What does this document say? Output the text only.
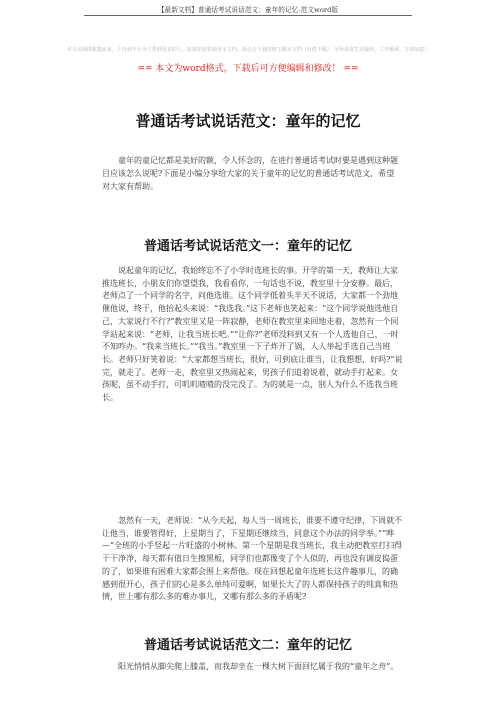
【最新文档】普通话考试说话范文：童年的记忆-范文word版
本文从网络收集而来，上传到平台为了帮到更多的人，如果您需要使用本文档，请点击下载按钮下载本文档（有偿下载），另外祝您生活愉快，工作顺利，万事如意！
== 本文为word格式，下载后可方便编辑和修改！ ==
普通话考试说话范文：童年的记忆
童年的童记忆都是美好的额，令人怀念的，在进行普通话考试时要是遇到这种题目应该怎么说呢?下面是小编分享给大家的关于童年的记忆的普通话考试范文，希望对大家有帮助。
普通话考试说话范文一：童年的记忆
说起童年的记忆，我始终忘不了小学时选班长的事。开学的第一天，教师让大家推选班长，小朋友们你望望我，我看看你，一句话也不说，教室里十分安静。最后，老师点了一个同学的名字，问他选谁。这个同学低着头半天不说话，大家都一个劲地催他说，终于，他抬起头来说：“我选我。”这下老师也笑起来：“这个同学说他选他自己，大家说行不行?”教室里又是一阵寂静，老师在教室里来回地走着，忽然有一个同学站起来说：“老师，让我当班长吧。”“让你?”老师没料到又有一个人选他自己，一时不知咋办。“我来当班长。”“我当。”教室里一下子炸开了锅，人人举起手选自己当班长。老师只好笑着说：“大家都想当班长，很好，可到底让谁当，让我想想，好吗?”说完，就走了。老师一走，教室里又热闹起来，男孩子们追着说着，就动手打起来。女孩呢，虽不动手打，可叽叽喳喳的没完没了。为的就是一点，别人为什么不选我当班长。
忽然有一天，老师说：“从今天起，每人当一周班长，谁要不遵守纪律，下周就不让他当，谁要管得好，上星期当了，下星期还继续当，同意这个办法的同学举。”“哗—”全班的小手竖起一片旺盛的小树林。第一个星期是我当班长，我主动把教室打扫得干干净净，每天都有值日生擦黑板，同学们也都像变了个人似的，再也没有调皮捣蛋的了，如果谁有困难大家都会围上来帮他。现在回想起童年选班长这件趣事儿，的确感到很开心，孩子们的心是多么单纯可爱啊，如果长大了的人都保持孩子的纯真和热情，世上哪有那么多的难办事儿，又哪有那么多的矛盾呢?
普通话考试说话范文二：童年的记忆
阳光悄悄从脚尖爬上膝盖，而我却坐在一棵大树下面回忆属于我的“童年之舟”。
